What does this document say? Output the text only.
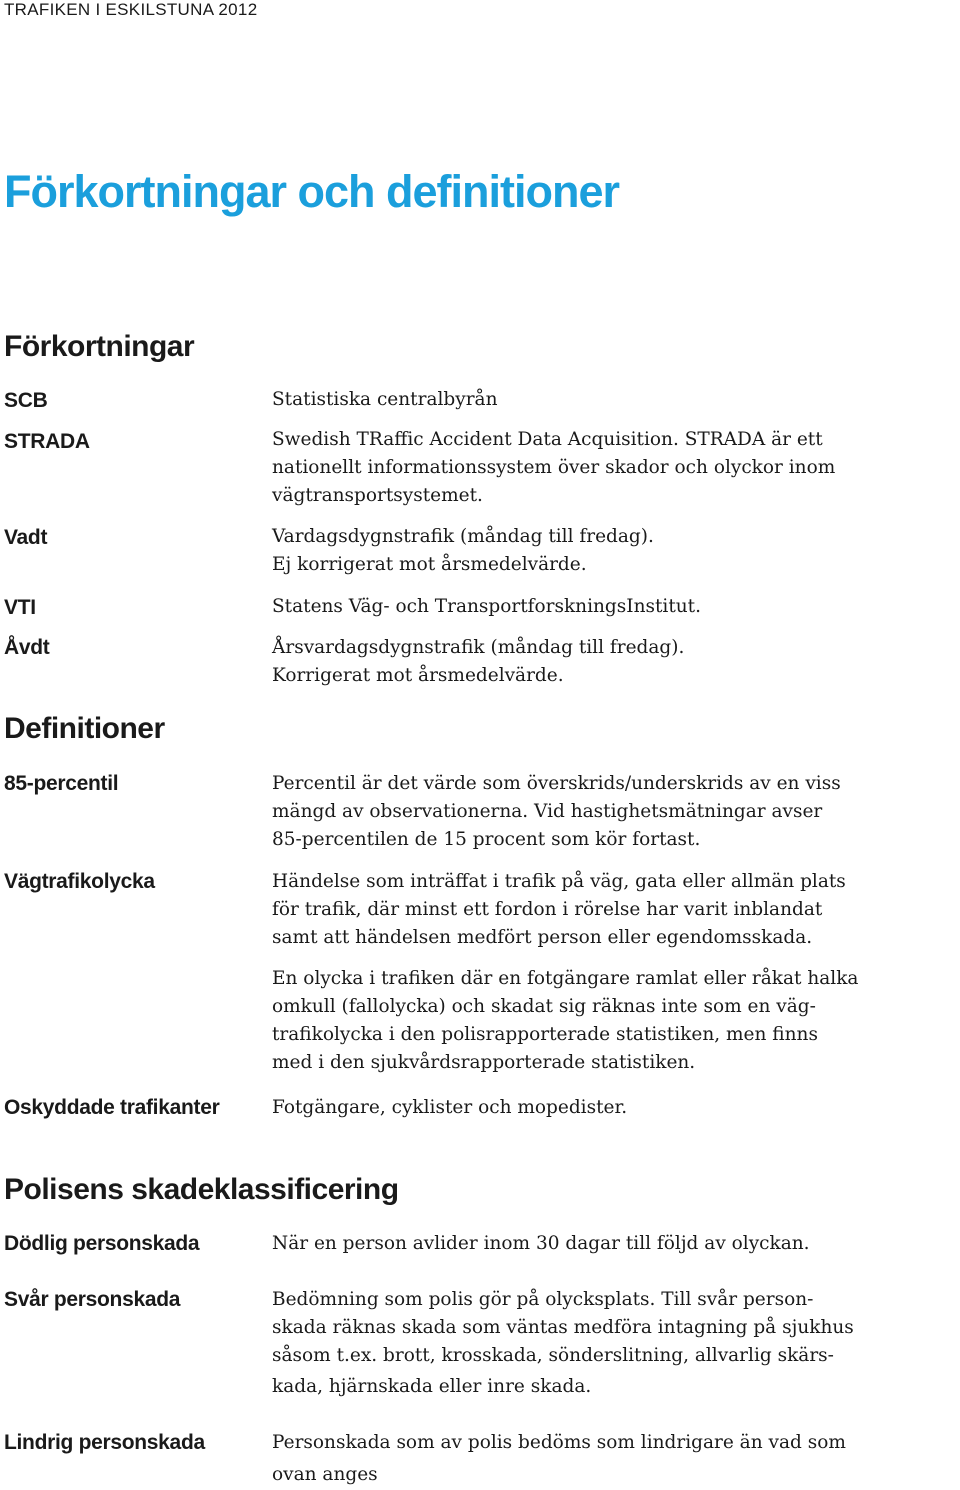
TRAFIKEN I ESKILSTUNA 2012
Förkortningar och definitioner
Förkortningar
SCB	Statistiska centralbyrån

STRADA	Swedish TRaffic Accident Data Acquisition. STRADA är ett

nationellt informationssystem över skador och olyckor inom

vägtransportsystemet.

Vadt	Vardagsdygnstrafik (måndag till fredag).

Ej korrigerat mot årsmedelvärde.

VTI	Statens Väg- och TransportforskningsInstitut.

Åvdt	Årsvardagsdygnstrafik (måndag till fredag).

Korrigerat mot årsmedelvärde.

Definitioner
85-percentil	Percentil är det värde som överskrids/underskrids av en viss

mängd av observationerna. Vid hastighetsmätningar avser

85-percentilen de 15 procent som kör fortast.

Vägtrafikolycka	Händelse som inträffat i trafik på väg, gata eller allmän plats

för trafik, där minst ett fordon i rörelse har varit inblandat

samt att händelsen medfört person eller egendomsskada.

En olycka i trafiken där en fotgängare ramlat eller råkat halka

omkull (fallolycka) och skadat sig räknas inte som en väg-

trafikolycka i den polisrapporterade statistiken, men finns

med i den sjukvårdsrapporterade statistiken.

Oskyddade trafikanter	Fotgängare, cyklister och mopedister.

Polisens skadeklassificering
Dödlig personskada	När en person avlider inom 30 dagar till följd av olyckan.

Svår personskada	Bedömning som polis gör på olycksplats. Till svår person-

skada räknas skada som väntas medföra intagning på sjukhus

såsom t.ex. brott, krosskada, sönderslitning, allvarlig skärs-

kada, hjärnskada eller inre skada.

Lindrig personskada	Personskada som av polis bedöms som lindrigare än vad som

ovan anges
